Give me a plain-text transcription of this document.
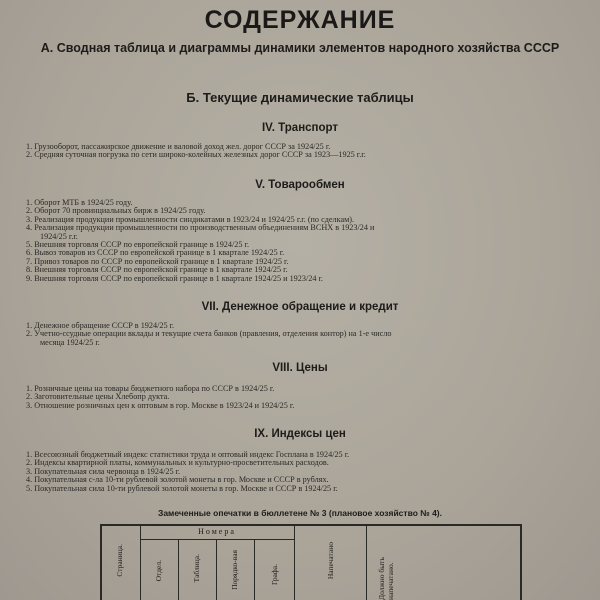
СОДЕРЖАНИЕ
А. Сводная таблица и диаграммы динамики элементов народного хозяйства СССР
Б. Текущие динамические таблицы
IV. Транспорт
1. Грузооборот, пассажирское движение и валовой доход жел. дорог СССР за 1924/25 г.
2. Средняя суточная погрузка по сети широко-колейных железных дорог СССР за 1923—1925 г.г.
V. Товарообмен
1. Оборот МТБ в 1924/25 году.
2. Оборот 70 провинциальных бирж в 1924/25 году.
3. Реализация продукции промышленности синдикатами в 1923/24 и 1924/25 г.г. (по сделкам).
4. Реализация продукции промышленности по производственным объединениям ВСНХ в 1923/24 и
1924/25 г.г.
5. Внешняя торговля СССР по европейской границе в 1924/25 г.
6. Вывоз товаров из СССР по европейской границе в 1 квартале 1924/25 г.
7. Привоз товаров по СССР по европейской границе в 1 квартале 1924/25 г.
8. Внешняя торговля СССР по европейской границе в 1 квартале 1924/25 г.
9. Внешняя торговля СССР по европейской границе в 1 квартале 1924/25 и 1923/24 г.
VII. Денежное обращение и кредит
1. Денежное обращение СССР в 1924/25 г.
2. Учетно-ссудные операции вклады и текущие счета банков (правления, отделения контор) на 1-е число
месяца 1924/25 г.
VIII. Цены
1. Розничные цены на товары бюджетного набора по СССР в 1924/25 г.
2. Заготовительные цены Хлебопр дукта.
3. Отношение розничных цен к оптовым в гор. Москве в 1923/24 и 1924/25 г.
IX. Индексы цен
1. Всесоюзный бюджетный индекс статистики труда и оптовый индекс Госплана в 1924/25 г.
2. Индексы квартирной платы, коммунальных и культурно-просветительных расходов.
3. Покупательная сила червонца в 1924/25 г.
4. Покупательная с-ла 10-ти рублевой золотой монеты в гор. Москве и СССР в рублях.
5. Покупательная сила 10-ти рублевой золотой монеты в гор. Москве и СССР в 1924/25 г.
Замеченные опечатки в бюллетене № 3 (плановое хозяйство № 4).
Номера
Страница.	Отдел.	Таблица.	Порядко-вая	Графа.	Напечатано	Должно быть напечатано.
